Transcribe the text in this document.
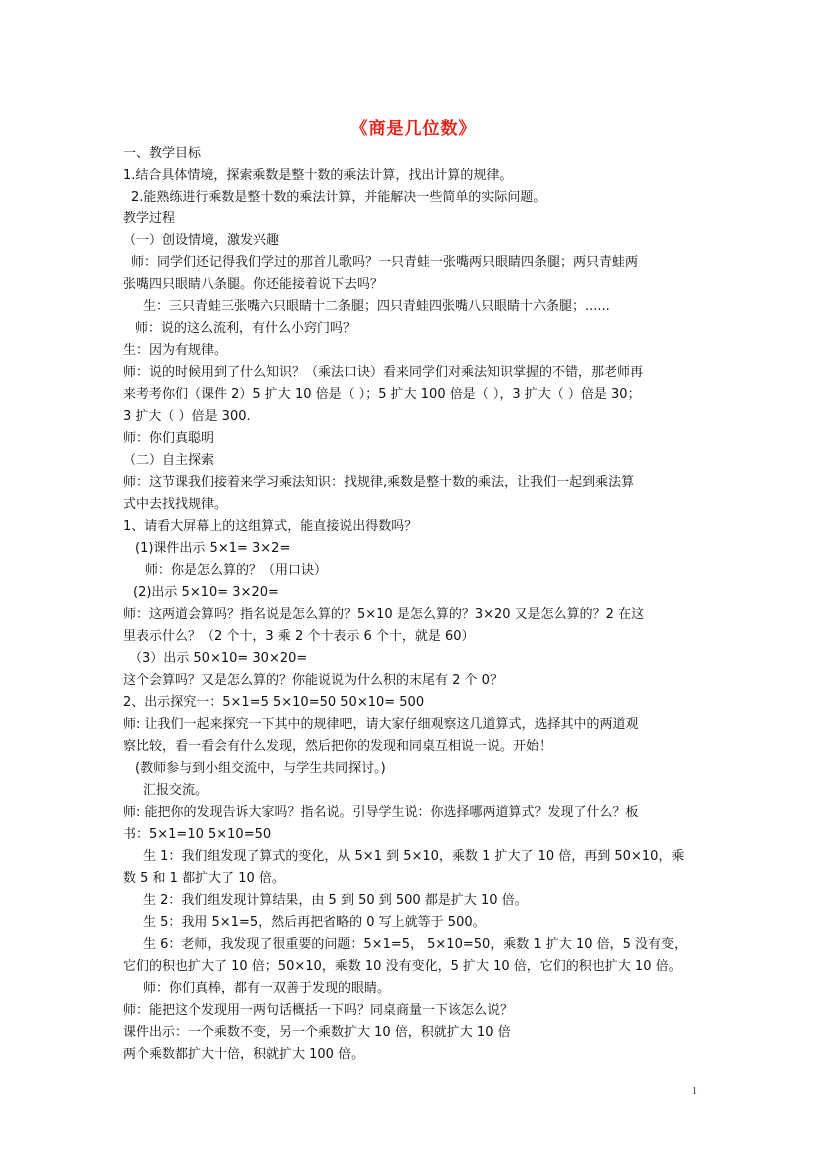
《商是几位数》
一、教学目标
1.结合具体情境，探索乘数是整十数的乘法计算，找出计算的规律。
2.能熟练进行乘数是整十数的乘法计算，并能解决一些简单的实际问题。
教学过程
（一）创设情境，激发兴趣
师：同学们还记得我们学过的那首儿歌吗？一只青蛙一张嘴两只眼睛四条腿；两只青蛙两
张嘴四只眼睛八条腿。你还能接着说下去吗？
生：三只青蛙三张嘴六只眼睛十二条腿；四只青蛙四张嘴八只眼睛十六条腿；......
师：说的这么流利，有什么小窍门吗？
生：因为有规律。
师：说的时候用到了什么知识？（乘法口诀）看来同学们对乘法知识掌握的不错，那老师再
来考考你们（课件 2）5 扩大 10 倍是（ ）；5 扩大 100 倍是（ ），3 扩大（ ）倍是 30；
3 扩大（ ）倍是 300.
师：你们真聪明
（二）自主探索
师：这节课我们接着来学习乘法知识：找规律,乘数是整十数的乘法，让我们一起到乘法算
式中去找找规律。
1、请看大屏幕上的这组算式，能直接说出得数吗？
(1)课件出示 5×1= 3×2=
师：你是怎么算的？（用口诀）
(2)出示 5×10= 3×20=
师：这两道会算吗？指名说是怎么算的？5×10 是怎么算的？3×20 又是怎么算的？2 在这
里表示什么？（2 个十，3 乘 2 个十表示 6 个十，就是 60）
（3）出示 50×10= 30×20=
这个会算吗？又是怎么算的？你能说说为什么积的末尾有 2 个 0？
2、出示探究一：5×1=5 5×10=50 50×10= 500
师: 让我们一起来探究一下其中的规律吧，请大家仔细观察这几道算式，选择其中的两道观
察比较，看一看会有什么发现，然后把你的发现和同桌互相说一说。开始！
(教师参与到小组交流中，与学生共同探讨。)
汇报交流。
师: 能把你的发现告诉大家吗？指名说。引导学生说：你选择哪两道算式？发现了什么？板
书：5×1=10 5×10=50
生 1：我们组发现了算式的变化，从 5×1 到 5×10，乘数 1 扩大了 10 倍，再到 50×10，乘
数 5 和 1 都扩大了 10 倍。
生 2：我们组发现计算结果，由 5 到 50 到 500 都是扩大 10 倍。
生 5：我用 5×1=5，然后再把省略的 0 写上就等于 500。
生 6：老师，我发现了很重要的问题：5×1=5， 5×10=50，乘数 1 扩大 10 倍，5 没有变，
它们的积也扩大了 10 倍；50×10，乘数 10 没有变化，5 扩大 10 倍，它们的积也扩大 10 倍。
师：你们真棒，都有一双善于发现的眼睛。
师：能把这个发现用一两句话概括一下吗？同桌商量一下该怎么说？
课件出示：一个乘数不变，另一个乘数扩大 10 倍，积就扩大 10 倍
两个乘数都扩大十倍，积就扩大 100 倍。
1
